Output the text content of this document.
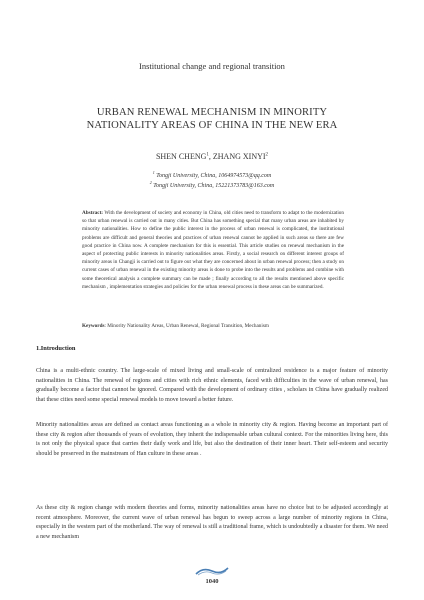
Institutional change and regional transition
URBAN RENEWAL MECHANISM IN MINORITY NATIONALITY AREAS OF CHINA IN THE NEW ERA
SHEN CHENG$^1$, ZHANG XINYI$^2$
$^1$ Tongji University, China, 1064974573@qq.com
$^2$ Tongji University, China, 15221373783@163.com
Abstract: With the development of society and economy in China, old cities need to transform to adapt to the modernization so that urban renewal is carried out in many cities. But China has something special that many urban areas are inhabited by minority nationalities. How to define the public interest in the process of urban renewal is complicated, the institutional problems are difficult and general theories and practices of urban renewal cannot be applied in such areas so there are few good practice in China now. A complete mechanism for this is essential. This article studies on renewal mechanism in the aspect of protecting public interests in minority nationalities areas. Firstly, a social research on different interest groups of minority areas in Changji is carried out to figure out what they are concerned about in urban renewal process; then a study on current cases of urban renewal in the existing minority areas is done to probe into the results and problems and combine with some theoretical analysis a complete summary can be made ; finally according to all the results mentioned above specific mechanism , implementation strategies and policies for the urban renewal process in these areas can be summarized.
Keywords: Minority Nationality Areas, Urban Renewal, Regional Transition, Mechanism
1.Introduction
China is a multi-ethnic country. The large-scale of mixed living and small-scale of centralized residence is a major feature of minority nationalities in China. The renewal of regions and cities with rich ethnic elements, faced with difficulties in the wave of urban renewal, has gradually become a factor that cannot be ignored. Compared with the development of ordinary cities , scholars in China have gradually realized that these cities need some special renewal models to move toward a better future.
Minority nationalities areas are defined as contact areas functioning as a whole in minority city & region. Having become an important part of these city & region after thousands of years of evolution, they inherit the indispensable urban cultural context. For the minorities living here, this is not only the physical space that carries their daily work and life, but also the destination of their inner heart. Their self-esteem and security should be preserved in the mainstream of Han culture in these areas .
As these city & region change with modern theories and forms, minority nationalities areas have no choice but to be adjusted accordingly at recent atmosphere. Moreover, the current wave of urban renewal has begun to sweep across a large number of minority regions in China, especially in the western part of the motherland. The way of renewal is still a traditional frame, which is undoubtedly a disaster for them. We need a new mechanism
1040
